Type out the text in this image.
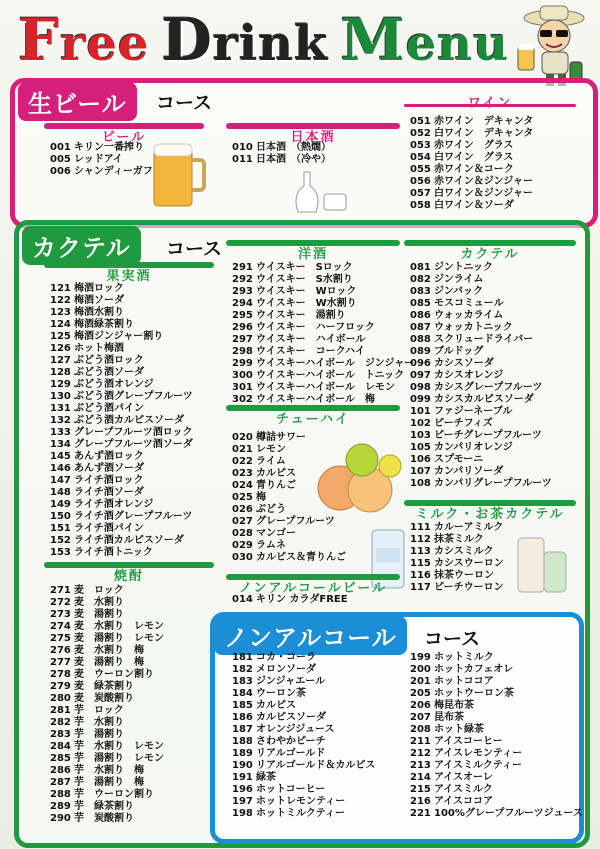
Free Drink Menu
生ビール	コース
ビール
001 キリン一番搾り
005 レッドアイ
006 シャンディーガフ
日本酒
010 日本酒　（熱燗）
011 日本酒　（冷や）
ワイン
051 赤ワイン　デキャンタ
052 白ワイン　デキャンタ
053 赤ワイン　グラス
054 白ワイン　グラス
055 赤ワイン＆コーク
056 赤ワイン＆ジンジャー
057 白ワイン＆ジンジャー
058 白ワイン＆ソーダ
カクテル	コース
果実酒
121 梅酒ロック
122 梅酒ソーダ
123 梅酒水割り
124 梅酒緑茶割り
125 梅酒ジンジャー割り
126 ホット梅酒
127 ぶどう酒ロック
128 ぶどう酒ソーダ
129 ぶどう酒オレンジ
130 ぶどう酒グレープフルーツ
131 ぶどう酒パイン
132 ぶどう酒カルピスソーダ
133 グレープフルーツ酒ロック
134 グレープフルーツ酒ソーダ
145 あんず酒ロック
146 あんず酒ソーダ
147 ライチ酒ロック
148 ライチ酒ソーダ
149 ライチ酒オレンジ
150 ライチ酒グレープフルーツ
151 ライチ酒パイン
152 ライチ酒カルピスソーダ
153 ライチ酒トニック
焼酎
271 麦　ロック
272 麦　水割り
273 麦　湯割り
274 麦　水割り　レモン
275 麦　湯割り　レモン
276 麦　水割り　梅
277 麦　湯割り　梅
278 麦　ウーロン割り
279 麦　緑茶割り
280 麦　炭酸割り
281 芋　ロック
282 芋　水割り
283 芋　湯割り
284 芋　水割り　レモン
285 芋　湯割り　レモン
286 芋　水割り　梅
287 芋　湯割り　梅
288 芋　ウーロン割り
289 芋　緑茶割り
290 芋　炭酸割り
洋酒
291 ウイスキー　Sロック
292 ウイスキー　S水割り
293 ウイスキー　Wロック
294 ウイスキー　W水割り
295 ウイスキー　湯割り
296 ウイスキー　ハーフロック
297 ウイスキー　ハイボール
298 ウイスキー　コークハイ
299 ウイスキーハイボール　ジンジャー
300 ウイスキーハイボール　トニック
301 ウイスキーハイボール　レモン
302 ウイスキーハイボール　梅
チューハイ
020 樽詰サワー
021 レモン
022 ライム
023 カルピス
024 青りんご
025 梅
026 ぶどう
027 グレープフルーツ
028 マンゴー
029 ラムネ
030 カルピス＆青りんご
ノンアルコールビール
014 キリン カラダFREE
カクテル
081 ジントニック
082 ジンライム
083 ジンバック
085 モスコミュール
086 ウォッカライム
087 ウォッカトニック
088 スクリュードライバー
089 ブルドッグ
096 カシスソーダ
097 カシスオレンジ
098 カシスグレープフルーツ
099 カシスカルピスソーダ
101 ファジーネーブル
102 ピーチフィズ
103 ピーチグレープフルーツ
105 カンパリオレンジ
106 スプモーニ
107 カンパリソーダ
108 カンパリグレープフルーツ
ミルク・お茶カクテル
111 カルーアミルク
112 抹茶ミルク
113 カシスミルク
115 カシスウーロン
116 抹茶ウーロン
117 ピーチウーロン
ノンアルコール	コース
181 コカ・コーラ
182 メロンソーダ
183 ジンジャエール
184 ウーロン茶
185 カルピス
186 カルピスソーダ
187 オレンジジュース
188 さわやかピーチ
189 リアルゴールド
190 リアルゴールド＆カルピス
191 緑茶
196 ホットコーヒー
197 ホットレモンティー
198 ホットミルクティー
199 ホットミルク
200 ホットカフェオレ
201 ホットココア
205 ホットウーロン茶
206 梅昆布茶
207 昆布茶
208 ホット緑茶
211 アイスコーヒー
212 アイスレモンティー
213 アイスミルクティー
214 アイスオーレ
215 アイスミルク
216 アイスココア
221 100%グレープフルーツジュース
